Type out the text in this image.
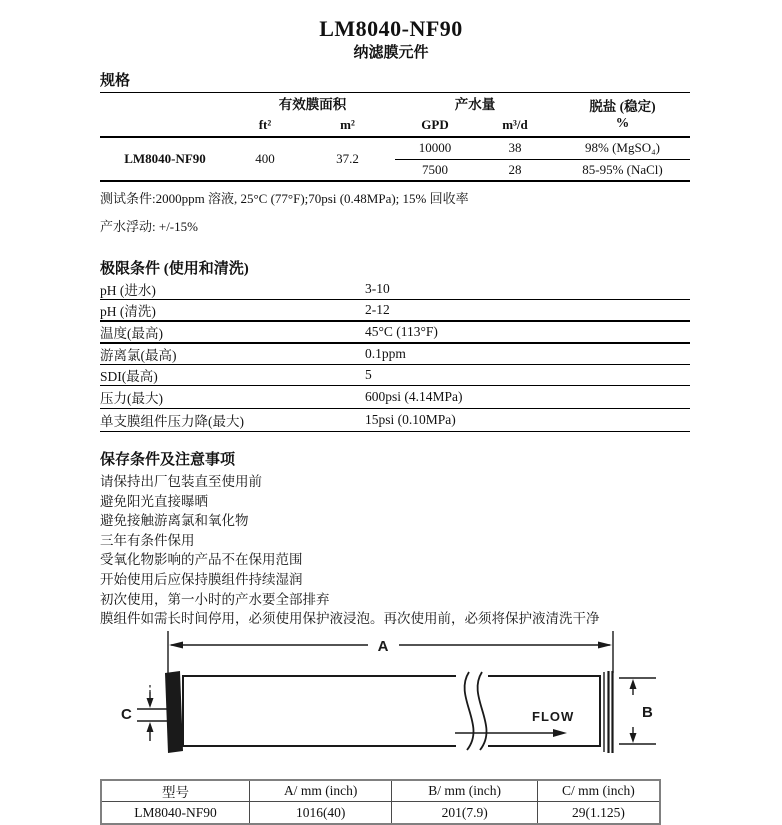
LM8040-NF90
纳滤膜元件
规格
	有效膜面积		产水量		脱盐 (稳定)
%

	ft²	m²	GPD	m³/d	
LM8040-NF90	400	37.2	10000	38	98% (MgSO₄)
			7500	28	85-95% (NaCl)
测试条件:2000ppm 溶液, 25°C (77°F);70psi (0.48MPa); 15% 回收率
产水浮动: +/-15%
极限条件 (使用和清洗)
pH (进水)	3-10
pH (清洗)	2-12
温度(最高)	45°C (113°F)
游离氯(最高)	0.1ppm
SDI(最高)	5
压力(最大)	600psi (4.14MPa)
单支膜组件压力降(最大)	15psi (0.10MPa)
保存条件及注意事项

请保持出厂包装直至使用前

避免阳光直接曝晒

避免接触游离氯和氧化物

三年有条件保用

受氧化物影响的产品不在保用范围

开始使用后应保持膜组件持续湿润

初次使用，第一小时的产水要全部排弃

膜组件如需长时间停用，必须使用保护液浸泡。再次使用前，必须将保护液清洗干净

A
FLOW	B
C
型号	A/ mm (inch)	B/ mm (inch)	C/ mm (inch)
LM8040-NF90	1016(40)	201(7.9)	29(1.125)
